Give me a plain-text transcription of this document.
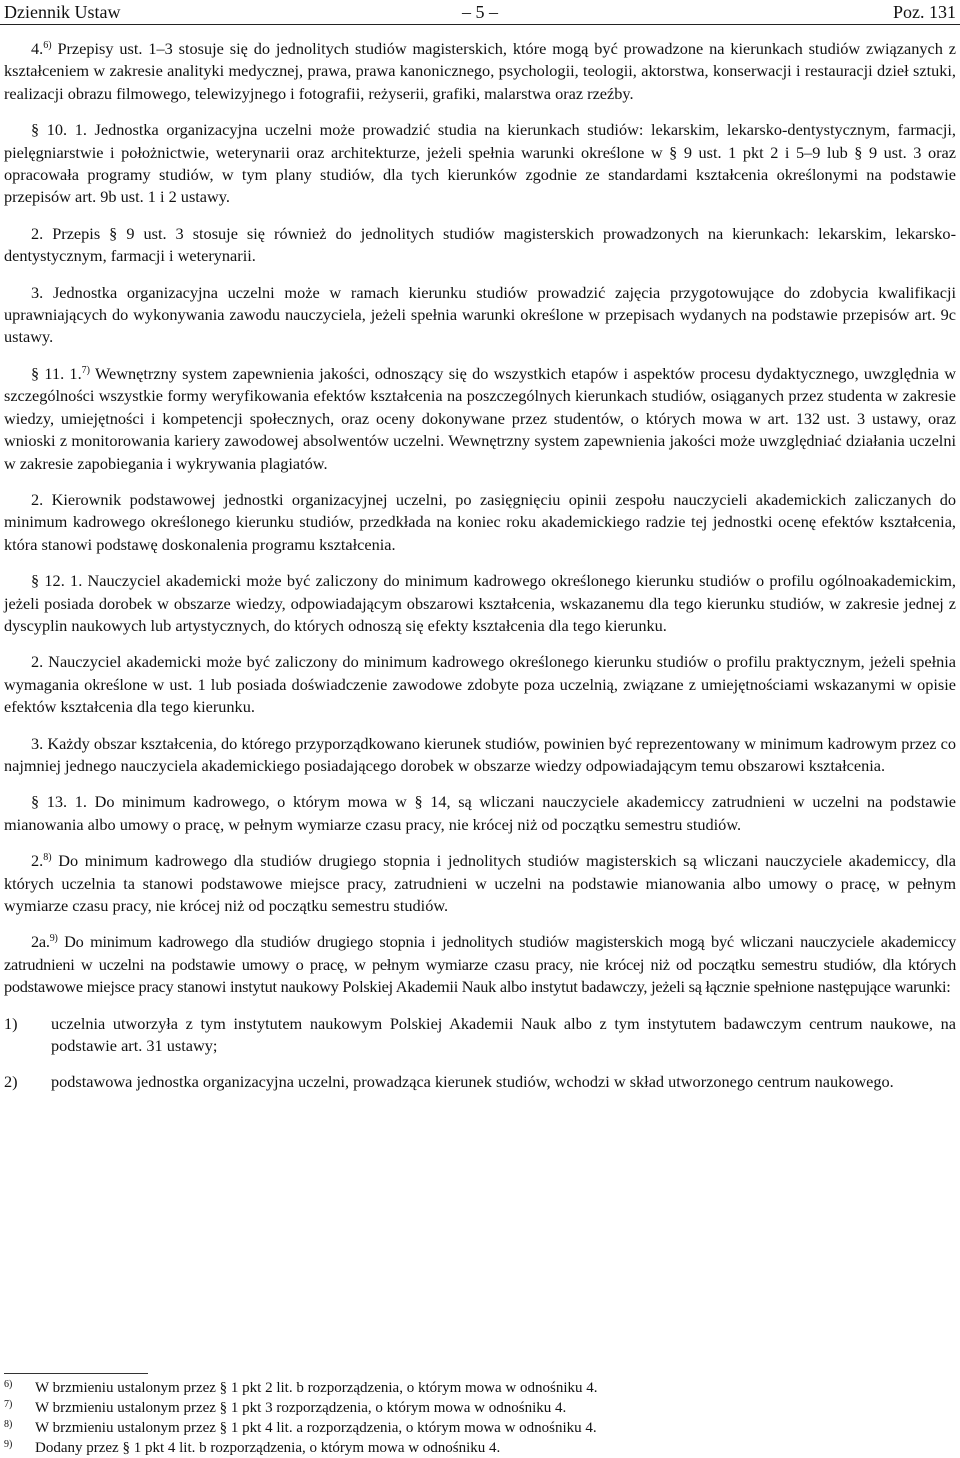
Dziennik Ustaw	– 5 –	Poz. 131

4.$^{6)}$ Przepisy ust. 1–3 stosuje się do jednolitych studiów magisterskich, które mogą być prowadzone na kierunkach studiów związanych z kształceniem w zakresie analityki medycznej, prawa, prawa kanonicznego, psychologii, teologii, aktorstwa, konserwacji i restauracji dzieł sztuki, realizacji obrazu filmowego, telewizyjnego i fotografii, reżyserii, grafiki, malarstwa oraz rzeźby.

§ 10. 1. Jednostka organizacyjna uczelni może prowadzić studia na kierunkach studiów: lekarskim, lekarsko-dentystycznym, farmacji, pielęgniarstwie i położnictwie, weterynarii oraz architekturze, jeżeli spełnia warunki określone w § 9 ust. 1 pkt 2 i 5–9 lub § 9 ust. 3 oraz opracowała programy studiów, w tym plany studiów, dla tych kierunków zgodnie ze standardami kształcenia określonymi na podstawie przepisów art. 9b ust. 1 i 2 ustawy.

2. Przepis § 9 ust. 3 stosuje się również do jednolitych studiów magisterskich prowadzonych na kierunkach: lekarskim, lekarsko-dentystycznym, farmacji i weterynarii.

3. Jednostka organizacyjna uczelni może w ramach kierunku studiów prowadzić zajęcia przygotowujące do zdobycia kwalifikacji uprawniających do wykonywania zawodu nauczyciela, jeżeli spełnia warunki określone w przepisach wydanych na podstawie przepisów art. 9c ustawy.

§ 11. 1.$^{7)}$ Wewnętrzny system zapewnienia jakości, odnoszący się do wszystkich etapów i aspektów procesu dydaktycznego, uwzględnia w szczególności wszystkie formy weryfikowania efektów kształcenia na poszczególnych kierunkach studiów, osiąganych przez studenta w zakresie wiedzy, umiejętności i kompetencji społecznych, oraz oceny dokonywane przez studentów, o których mowa w art. 132 ust. 3 ustawy, oraz wnioski z monitorowania kariery zawodowej absolwentów uczelni. Wewnętrzny system zapewnienia jakości może uwzględniać działania uczelni w zakresie zapobiegania i wykrywania plagiatów.

2. Kierownik podstawowej jednostki organizacyjnej uczelni, po zasięgnięciu opinii zespołu nauczycieli akademickich zaliczanych do minimum kadrowego określonego kierunku studiów, przedkłada na koniec roku akademickiego radzie tej jednostki ocenę efektów kształcenia, która stanowi podstawę doskonalenia programu kształcenia.

§ 12. 1. Nauczyciel akademicki może być zaliczony do minimum kadrowego określonego kierunku studiów o profilu ogólnoakademickim, jeżeli posiada dorobek w obszarze wiedzy, odpowiadającym obszarowi kształcenia, wskazanemu dla tego kierunku studiów, w zakresie jednej z dyscyplin naukowych lub artystycznych, do których odnoszą się efekty kształcenia dla tego kierunku.

2. Nauczyciel akademicki może być zaliczony do minimum kadrowego określonego kierunku studiów o profilu praktycznym, jeżeli spełnia wymagania określone w ust. 1 lub posiada doświadczenie zawodowe zdobyte poza uczelnią, związane z umiejętnościami wskazanymi w opisie efektów kształcenia dla tego kierunku.

3. Każdy obszar kształcenia, do którego przyporządkowano kierunek studiów, powinien być reprezentowany w minimum kadrowym przez co najmniej jednego nauczyciela akademickiego posiadającego dorobek w obszarze wiedzy odpowiadającym temu obszarowi kształcenia.

§ 13. 1. Do minimum kadrowego, o którym mowa w § 14, są wliczani nauczyciele akademiccy zatrudnieni w uczelni na podstawie mianowania albo umowy o pracę, w pełnym wymiarze czasu pracy, nie krócej niż od początku semestru studiów.

2.$^{8)}$ Do minimum kadrowego dla studiów drugiego stopnia i jednolitych studiów magisterskich są wliczani nauczyciele akademiccy, dla których uczelnia ta stanowi podstawowe miejsce pracy, zatrudnieni w uczelni na podstawie mianowania albo umowy o pracę, w pełnym wymiarze czasu pracy, nie krócej niż od początku semestru studiów.

2a.$^{9)}$ Do minimum kadrowego dla studiów drugiego stopnia i jednolitych studiów magisterskich mogą być wliczani nauczyciele akademiccy zatrudnieni w uczelni na podstawie umowy o pracę, w pełnym wymiarze czasu pracy, nie krócej niż od początku semestru studiów, dla których podstawowe miejsce pracy stanowi instytut naukowy Polskiej Akademii Nauk albo instytut badawczy, jeżeli są łącznie spełnione następujące warunki:

1) uczelnia utworzyła z tym instytutem naukowym Polskiej Akademii Nauk albo z tym instytutem badawczym centrum naukowe, na podstawie art. 31 ustawy;
2) podstawowa jednostka organizacyjna uczelni, prowadząca kierunek studiów, wchodzi w skład utworzonego centrum naukowego.
6) W brzmieniu ustalonym przez § 1 pkt 2 lit. b rozporządzenia, o którym mowa w odnośniku 4.
7) W brzmieniu ustalonym przez § 1 pkt 3 rozporządzenia, o którym mowa w odnośniku 4.
8) W brzmieniu ustalonym przez § 1 pkt 4 lit. a rozporządzenia, o którym mowa w odnośniku 4.
9) Dodany przez § 1 pkt 4 lit. b rozporządzenia, o którym mowa w odnośniku 4.
